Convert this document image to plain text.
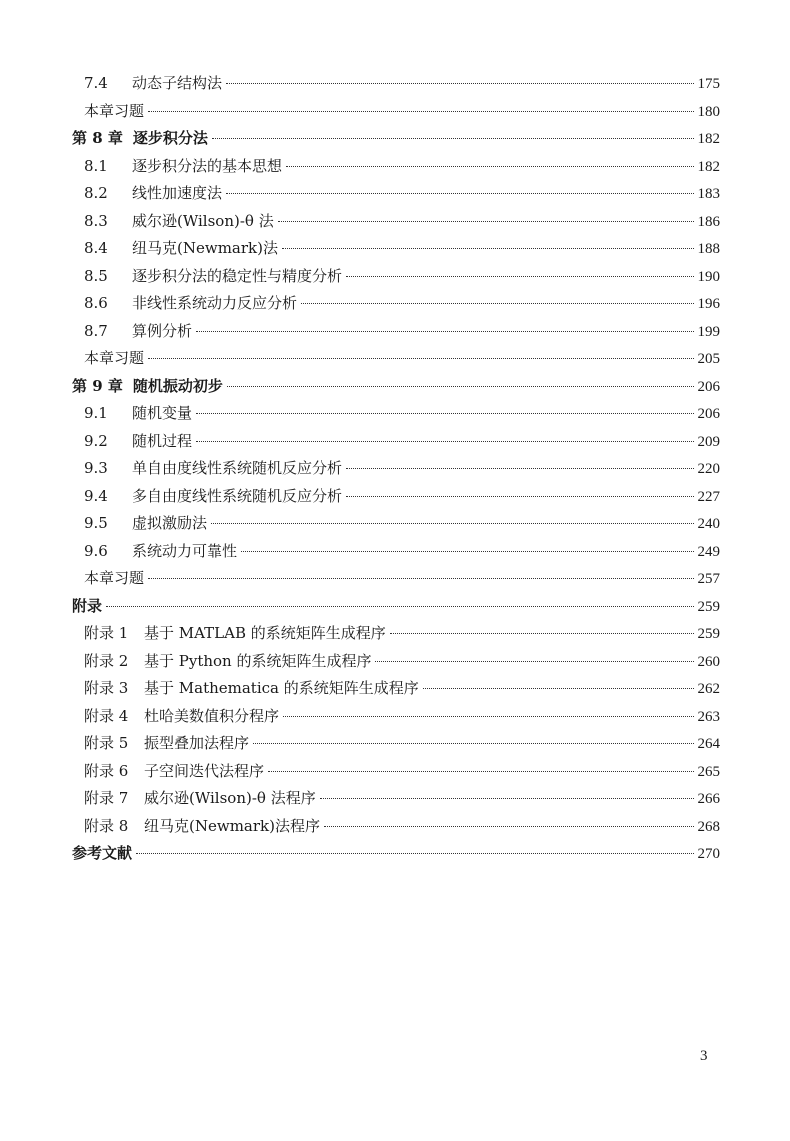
7.4	动态子结构法	175
本章习题	180
第 8 章 逐步积分法	182
8.1	逐步积分法的基本思想	182
8.2	线性加速度法	183
8.3	威尔逊(Wilson)-θ 法	186
8.4	纽马克(Newmark)法	188
8.5	逐步积分法的稳定性与精度分析	190
8.6	非线性系统动力反应分析	196
8.7	算例分析	199
本章习题	205
第 9 章 随机振动初步	206
9.1	随机变量	206
9.2	随机过程	209
9.3	单自由度线性系统随机反应分析	220
9.4	多自由度线性系统随机反应分析	227
9.5	虚拟激励法	240
9.6	系统动力可靠性	249
本章习题	257
附录	259
附录 1	基于 MATLAB 的系统矩阵生成程序	259
附录 2	基于 Python 的系统矩阵生成程序	260
附录 3	基于 Mathematica 的系统矩阵生成程序	262
附录 4	杜哈美数值积分程序	263
附录 5	振型叠加法程序	264
附录 6	子空间迭代法程序	265
附录 7	威尔逊(Wilson)-θ 法程序	266
附录 8	纽马克(Newmark)法程序	268
参考文献	270
3
